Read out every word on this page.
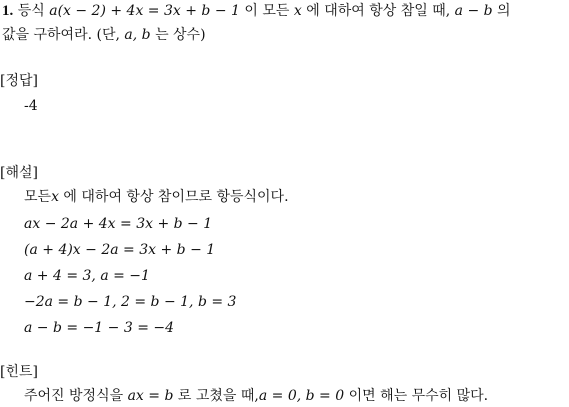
1. 등식 a(x − 2) + 4x = 3x + b − 1 이 모든 x 에 대하여 항상 참일 때, a − b 의
값을 구하여라. (단, a, b 는 상수)
[정답]
-4
[해설]
모든x 에 대하여 항상 참이므로 항등식이다.
ax − 2a + 4x = 3x + b − 1
(a + 4)x − 2a = 3x + b − 1
a + 4 = 3, a = −1
−2a = b − 1, 2 = b − 1, b = 3
a − b = −1 − 3 = −4
[힌트]
주어진 방정식을 ax = b 로 고쳤을 때,a = 0, b = 0 이면 해는 무수히 많다.
